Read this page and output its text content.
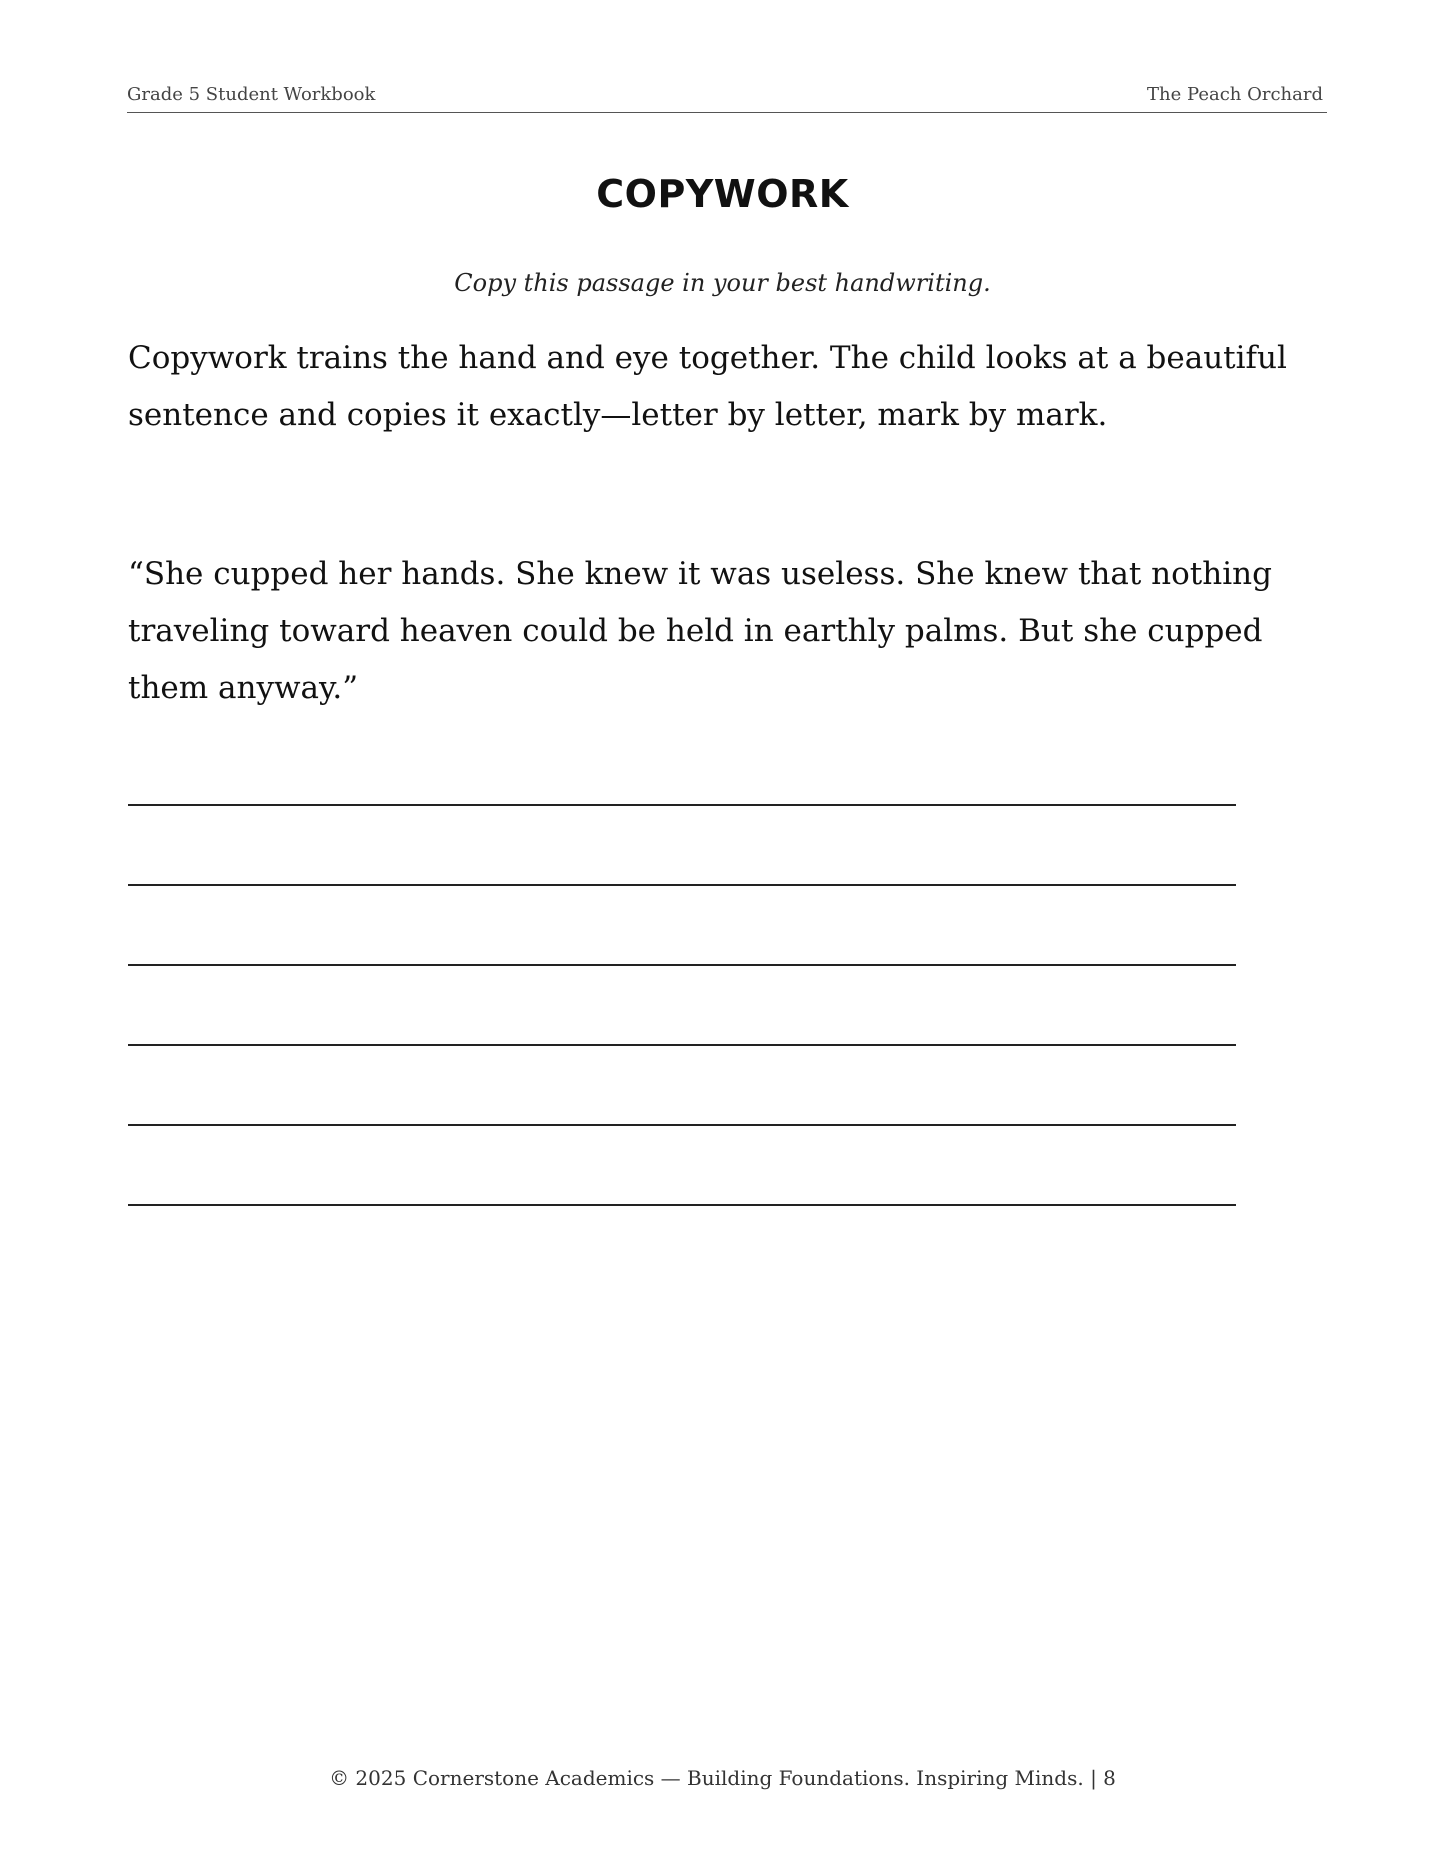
Grade 5 Student Workbook	The Peach Orchard
COPYWORK
Copy this passage in your best handwriting.

Copywork trains the hand and eye together. The child looks at a beautiful sentence and copies it exactly—letter by letter, mark by mark.

“She cupped her hands. She knew it was useless. She knew that nothing traveling toward heaven could be held in earthly palms. But she cupped them anyway.”

© 2025 Cornerstone Academics — Building Foundations. Inspiring Minds. | 8
